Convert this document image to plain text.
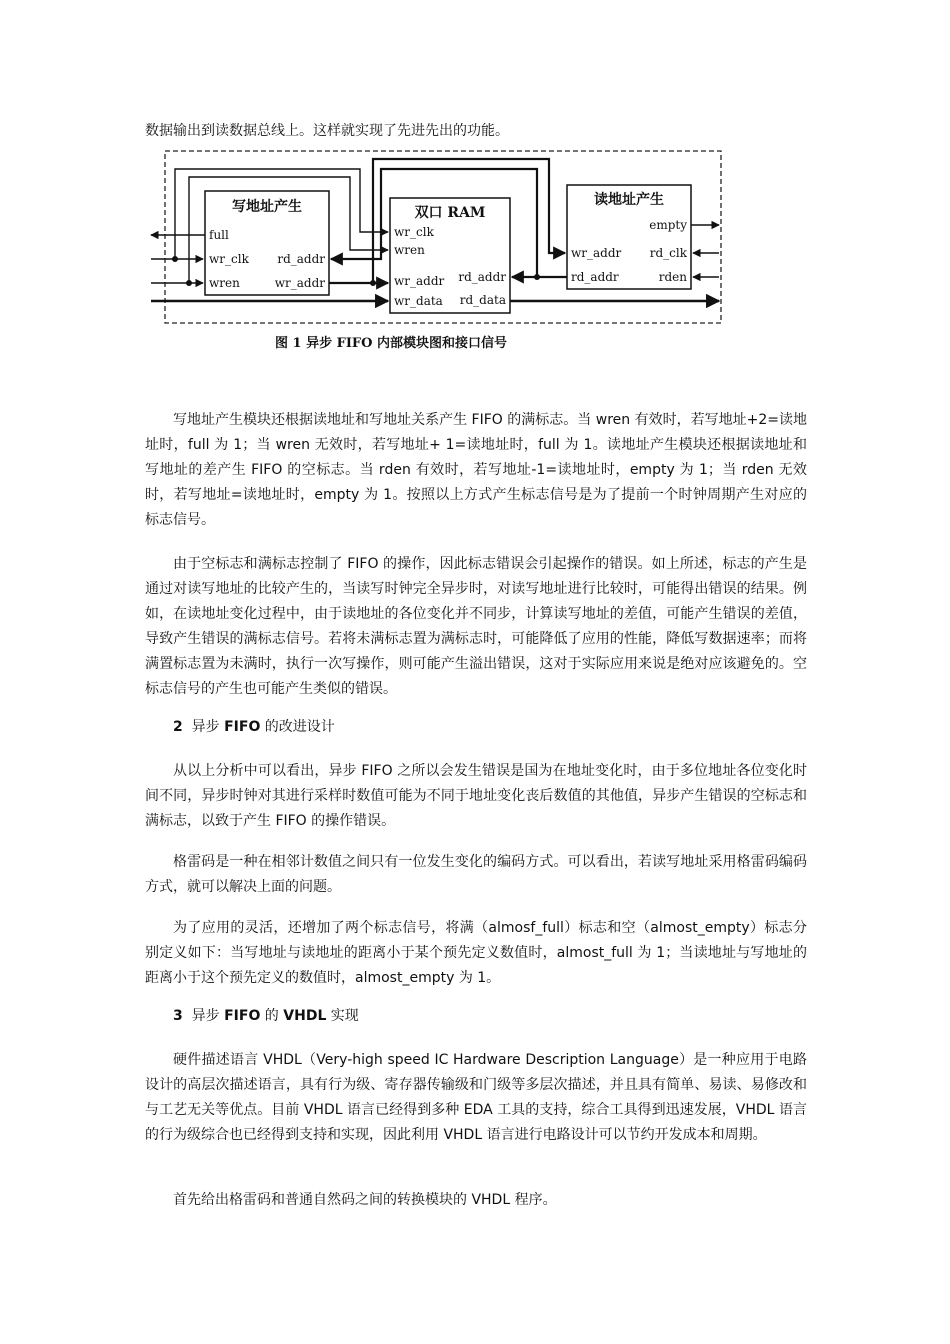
数据输出到读数据总线上。这样就实现了先进先出的功能。

写地址产生
full
wr_clk
wren
rd_addr
wr_addr
双口 RAM
wr_clk
wren
wr_addr
wr_data
rd_addr
rd_data
读地址产生
empty
wr_addr rd_clk
rd_addr	rden
图 1 异步 FIFO 内部模块图和接口信号

写地址产生模块还根据读地址和写地址关系产生 FIFO 的满标志。当 wren 有效时，若写地址+2=读地址时，full 为 1；当 wren 无效时，若写地址+ 1=读地址时，full 为 1。读地址产生模块还根据读地址和写地址的差产生 FIFO 的空标志。当 rden 有效时，若写地址-1=读地址时，empty 为 1；当 rden 无效时，若写地址=读地址时，empty 为 1。按照以上方式产生标志信号是为了提前一个时钟周期产生对应的标志信号。

由于空标志和满标志控制了 FIFO 的操作，因此标志错误会引起操作的错误。如上所述，标志的产生是通过对读写地址的比较产生的，当读写时钟完全异步时，对读写地址进行比较时，可能得出错误的结果。例如，在读地址变化过程中，由于读地址的各位变化并不同步，计算读写地址的差值，可能产生错误的差值，导致产生错误的满标志信号。若将未满标志置为满标志时，可能降低了应用的性能，降低写数据速率；而将满置标志置为未满时，执行一次写操作，则可能产生溢出错误，这对于实际应用来说是绝对应该避免的。空标志信号的产生也可能产生类似的错误。

2 异步 FIFO 的改进设计

从以上分析中可以看出，异步 FIFO 之所以会发生错误是国为在地址变化时，由于多位地址各位变化时间不同，异步时钟对其进行采样时数值可能为不同于地址变化丧后数值的其他值，异步产生错误的空标志和满标志，以致于产生 FIFO 的操作错误。

格雷码是一种在相邻计数值之间只有一位发生变化的编码方式。可以看出，若读写地址采用格雷码编码方式，就可以解决上面的问题。

为了应用的灵活，还增加了两个标志信号，将满（almosf_full）标志和空（almost_empty）标志分别定义如下：当写地址与读地址的距离小于某个预先定义数值时，almost_full 为 1；当读地址与写地址的距离小于这个预先定义的数值时，almost_empty 为 1。

3 异步 FIFO 的 VHDL 实现

硬件描述语言 VHDL（Very-high speed IC Hardware Description Language）是一种应用于电路设计的高层次描述语言，具有行为级、寄存器传输级和门级等多层次描述，并且具有简单、易读、易修改和与工艺无关等优点。目前 VHDL 语言已经得到多种 EDA 工具的支持，综合工具得到迅速发展，VHDL 语言的行为级综合也已经得到支持和实现，因此利用 VHDL 语言进行电路设计可以节约开发成本和周期。

首先给出格雷码和普通自然码之间的转换模块的 VHDL 程序。
